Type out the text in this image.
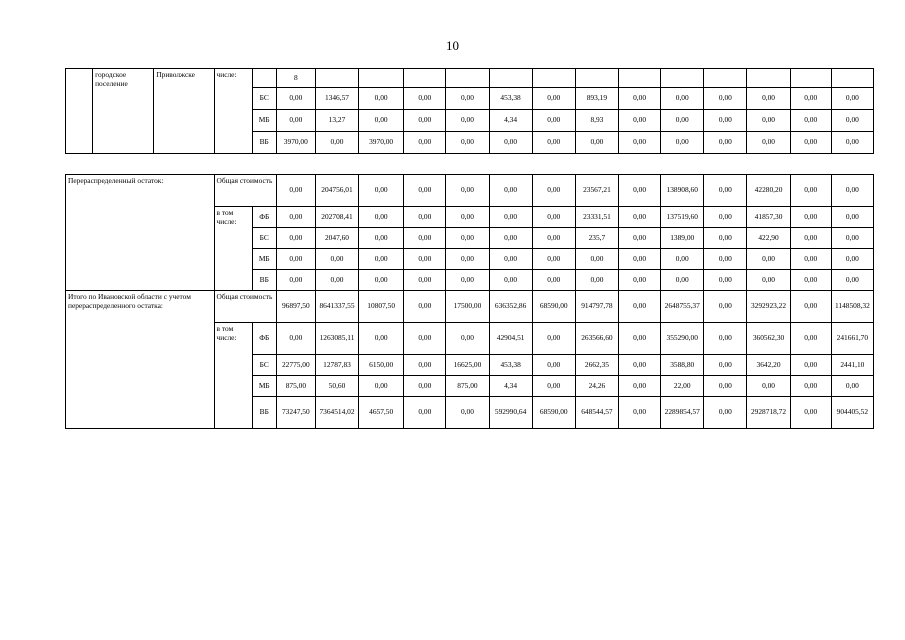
10
	городское поселение	Приволжске	числе:		8													
				БС	0,00	1346,57	0,00	0,00	0,00	453,38	0,00	893,19	0,00	0,00	0,00	0,00	0,00	0,00
				МБ	0,00	13,27	0,00	0,00	0,00	4,34	0,00	8,93	0,00	0,00	0,00	0,00	0,00	0,00
				ВБ	3970,00	0,00	3970,00	0,00	0,00	0,00	0,00	0,00	0,00	0,00	0,00	0,00	0,00	0,00
Перераспределенный остаток:	Общая стоимость		0,00	204756,01	0,00	0,00	0,00	0,00	0,00	23567,21	0,00	138908,60	0,00	42280,20	0,00	0,00
	в том числе:	ФБ	0,00	202708,41	0,00	0,00	0,00	0,00	0,00	23331,51	0,00	137519,60	0,00	41857,30	0,00	0,00
		БС	0,00	2047,60	0,00	0,00	0,00	0,00	0,00	235,7	0,00	1389,00	0,00	422,90	0,00	0,00
		МБ	0,00	0,00	0,00	0,00	0,00	0,00	0,00	0,00	0,00	0,00	0,00	0,00	0,00	0,00
		ВБ	0,00	0,00	0,00	0,00	0,00	0,00	0,00	0,00	0,00	0,00	0,00	0,00	0,00	0,00
Итого по Ивановской области с учетом перераспределенного остатка:	Общая стоимость		96897,50	8641337,55	10807,50	0,00	17500,00	636352,86	68590,00	914797,78	0,00	2648755,37	0,00	3292923,22	0,00	1148508,32
	в том числе:	ФБ	0,00	1263085,11	0,00	0,00	0,00	42904,51	0,00	263566,60	0,00	355290,00	0,00	360562,30	0,00	241661,70
		БС	22775,00	12787,83	6150,00	0,00	16625,00	453,38	0,00	2662,35	0,00	3588,80	0,00	3642,20	0,00	2441,10
		МБ	875,00	50,60	0,00	0,00	875,00	4,34	0,00	24,26	0,00	22,00	0,00	0,00	0,00	0,00
		ВБ	73247,50	7364514,02	4657,50	0,00	0,00	592990,64	68590,00	648544,57	0,00	2289854,57	0,00	2928718,72	0,00	904405,52
